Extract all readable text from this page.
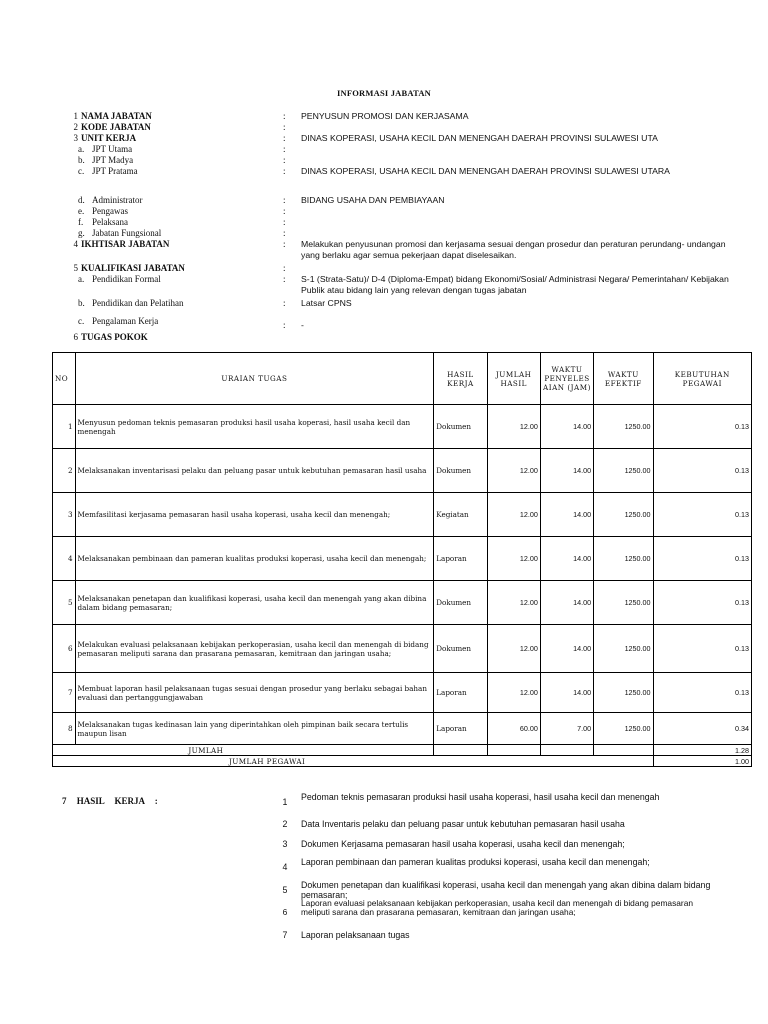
INFORMASI JABATAN
1 NAMA JABATAN	: PENYUSUN PROMOSI DAN KERJASAMA
2 KODE JABATAN	:
3 UNIT KERJA	: DINAS KOPERASI, USAHA KECIL DAN MENENGAH DAERAH PROVINSI SULAWESI UTA
a. JPT Utama	:
b. JPT Madya	:
c. JPT Pratama	: DINAS KOPERASI, USAHA KECIL DAN MENENGAH DAERAH PROVINSI SULAWESI UTARA
d. Administrator	: BIDANG USAHA DAN PEMBIAYAAN
e. Pengawas	:
f. Pelaksana	:
g. Jabatan Fungsional	:
4 IKHTISAR JABATAN	: Melakukan penyusunan promosi dan kerjasama sesuai dengan prosedur dan peraturan perundang- undangan yang berlaku agar semua pekerjaan dapat diselesaikan.
5 KUALIFIKASI JABATAN	:
a. Pendidikan Formal	: S-1 (Strata-Satu)/ D-4 (Diploma-Empat) bidang Ekonomi/Sosial/ Administrasi Negara/ Pemerintahan/ Kebijakan Publik atau bidang lain yang relevan dengan tugas jabatan
b. Pendidikan dan Pelatihan	: Latsar CPNS
c. Pengalaman Kerja	: -
6 TUGAS POKOK
NO	URAIAN TUGAS	HASIL KERJA	JUMLAH HASIL	WAKTU PENYELES AIAN (JAM)	WAKTU EFEKTIF	KEBUTUHAN PEGAWAI
1	Menyusun pedoman teknis pemasaran produksi hasil usaha koperasi, hasil usaha kecil dan menengah	Dokumen	12.00	14.00	1250.00	0.13
2	Melaksanakan inventarisasi pelaku dan peluang pasar untuk kebutuhan pemasaran hasil usaha	Dokumen	12.00	14.00	1250.00	0.13
3	Memfasilitasi kerjasama pemasaran hasil usaha koperasi, usaha kecil dan menengah;	Kegiatan	12.00	14.00	1250.00	0.13
4	Melaksanakan pembinaan dan pameran kualitas produksi koperasi, usaha kecil dan menengah;	Laporan	12.00	14.00	1250.00	0.13
5	Melaksanakan penetapan dan kualifikasi koperasi, usaha kecil dan menengah yang akan dibina dalam bidang pemasaran;	Dokumen	12.00	14.00	1250.00	0.13
6	Melakukan evaluasi pelaksanaan kebijakan perkoperasian, usaha kecil dan menengah di bidang pemasaran meliputi sarana dan prasarana pemasaran, kemitraan dan jaringan usaha;	Dokumen	12.00	14.00	1250.00	0.13
7	Membuat laporan hasil pelaksanaan tugas sesuai dengan prosedur yang berlaku sebagai bahan evaluasi dan pertanggungjawaban	Laporan	12.00	14.00	1250.00	0.13
8	Melaksanakan tugas kedinasan lain yang diperintahkan oleh pimpinan baik secara tertulis maupun lisan	Laporan	60.00	7.00	1250.00	0.34
JUMLAH						1.28
JUMLAH PEGAWAI						1.00
7 HASIL KERJA :	1 Pedoman teknis pemasaran produksi hasil usaha koperasi, hasil usaha kecil dan menengah
2 Data Inventaris pelaku dan peluang pasar untuk kebutuhan pemasaran hasil usaha
3 Dokumen Kerjasama pemasaran hasil usaha koperasi, usaha kecil dan menengah;
4 Laporan pembinaan dan pameran kualitas produksi koperasi, usaha kecil dan menengah;
5 Dokumen penetapan dan kualifikasi koperasi, usaha kecil dan menengah yang akan dibina dalam bidang pemasaran;
6
Laporan evaluasi pelaksanaan kebijakan perkoperasian, usaha kecil dan menengah di bidang pemasaran meliputi sarana dan prasarana pemasaran, kemitraan dan jaringan usaha;
7 Laporan pelaksanaan tugas
